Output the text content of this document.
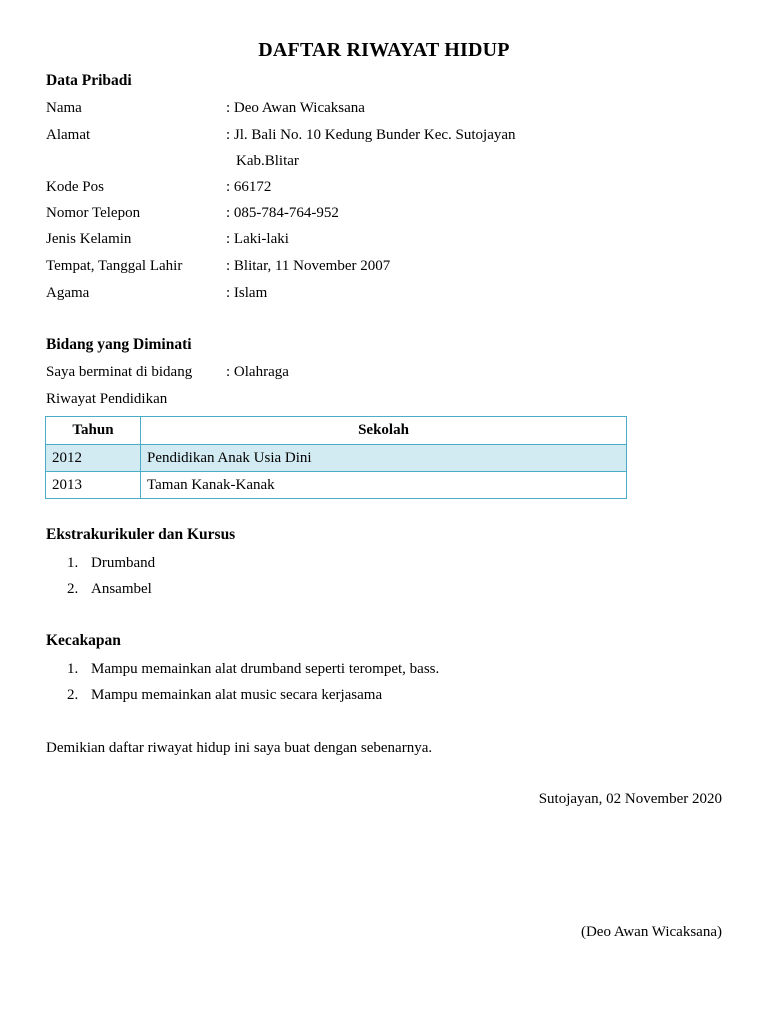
DAFTAR RIWAYAT HIDUP
Data Pribadi
Nama	: Deo Awan Wicaksana
Alamat	: Jl. Bali No. 10 Kedung Bunder Kec. Sutojayan
Kab.Blitar
Kode Pos	: 66172
Nomor Telepon	: 085-784-764-952
Jenis Kelamin	: Laki-laki
Tempat, Tanggal Lahir	: Blitar, 11 November 2007
Agama	: Islam
Bidang yang Diminati
Saya berminat di bidang : Olahraga
Riwayat Pendidikan
Tahun	Sekolah
2012	Pendidikan Anak Usia Dini
2013	Taman Kanak-Kanak
Ekstrakurikuler dan Kursus
1. Drumband
2. Ansambel
Kecakapan
1. Mampu memainkan alat drumband seperti terompet, bass.
2. Mampu memainkan alat music secara kerjasama
Demikian daftar riwayat hidup ini saya buat dengan sebenarnya.
Sutojayan, 02 November 2020
(Deo Awan Wicaksana)
